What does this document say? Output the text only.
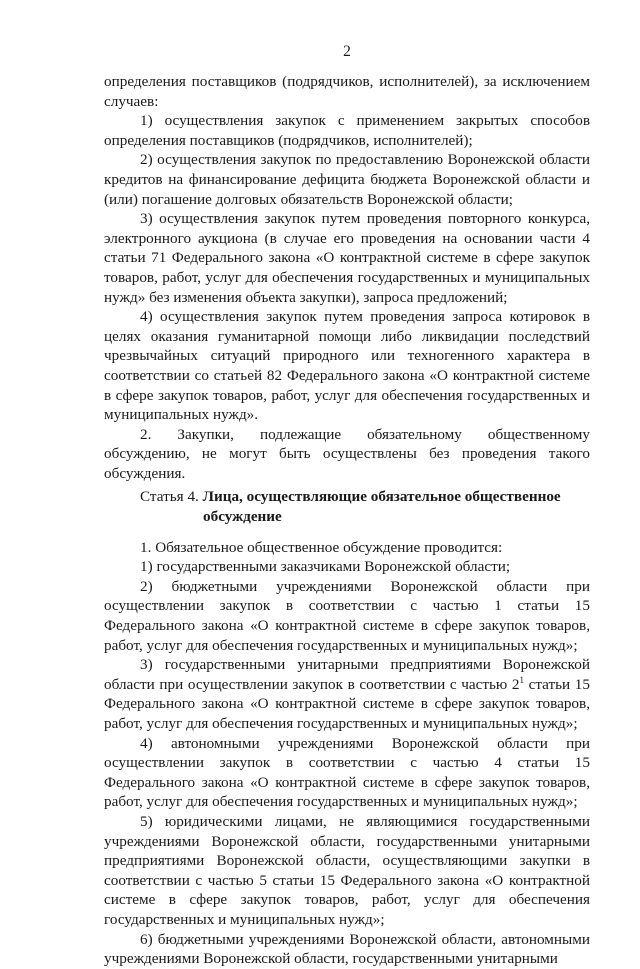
2

определения поставщиков (подрядчиков, исполнителей), за исключением случаев:

1) осуществления закупок с применением закрытых способов определения поставщиков (подрядчиков, исполнителей);

2) осуществления закупок по предоставлению Воронежской области кредитов на финансирование дефицита бюджета Воронежской области и (или) погашение долговых обязательств Воронежской области;

3) осуществления закупок путем проведения повторного конкурса, электронного аукциона (в случае его проведения на основании части 4 статьи 71 Федерального закона «О контрактной системе в сфере закупок товаров, работ, услуг для обеспечения государственных и муниципальных нужд» без изменения объекта закупки), запроса предложений;

4) осуществления закупок путем проведения запроса котировок в целях оказания гуманитарной помощи либо ликвидации последствий чрезвычайных ситуаций природного или техногенного характера в соответствии со статьей 82 Федерального закона «О контрактной системе в сфере закупок товаров, работ, услуг для обеспечения государственных и муниципальных нужд».

2. Закупки, подлежащие обязательному общественному обсуждению, не могут быть осуществлены без проведения такого обсуждения.

Статья 4. Лица, осуществляющие обязательное общественное
обсуждение

1. Обязательное общественное обсуждение проводится:

1) государственными заказчиками Воронежской области;

2) бюджетными учреждениями Воронежской области при осуществлении закупок в соответствии с частью 1 статьи 15 Федерального закона «О контрактной системе в сфере закупок товаров, работ, услуг для обеспечения государственных и муниципальных нужд»;

3) государственными унитарными предприятиями Воронежской области при осуществлении закупок в соответствии с частью $2^1$ статьи 15 Федерального закона «О контрактной системе в сфере закупок товаров, работ, услуг для обеспечения государственных и муниципальных нужд»;

4) автономными учреждениями Воронежской области при осуществлении закупок в соответствии с частью 4 статьи 15 Федерального закона «О контрактной системе в сфере закупок товаров, работ, услуг для обеспечения государственных и муниципальных нужд»;

5) юридическими лицами, не являющимися государственными учреждениями Воронежской области, государственными унитарными предприятиями Воронежской области, осуществляющими закупки в соответствии с частью 5 статьи 15 Федерального закона «О контрактной системе в сфере закупок товаров, работ, услуг для обеспечения государственных и муниципальных нужд»;

6) бюджетными учреждениями Воронежской области, автономными учреждениями Воронежской области, государственными унитарными
